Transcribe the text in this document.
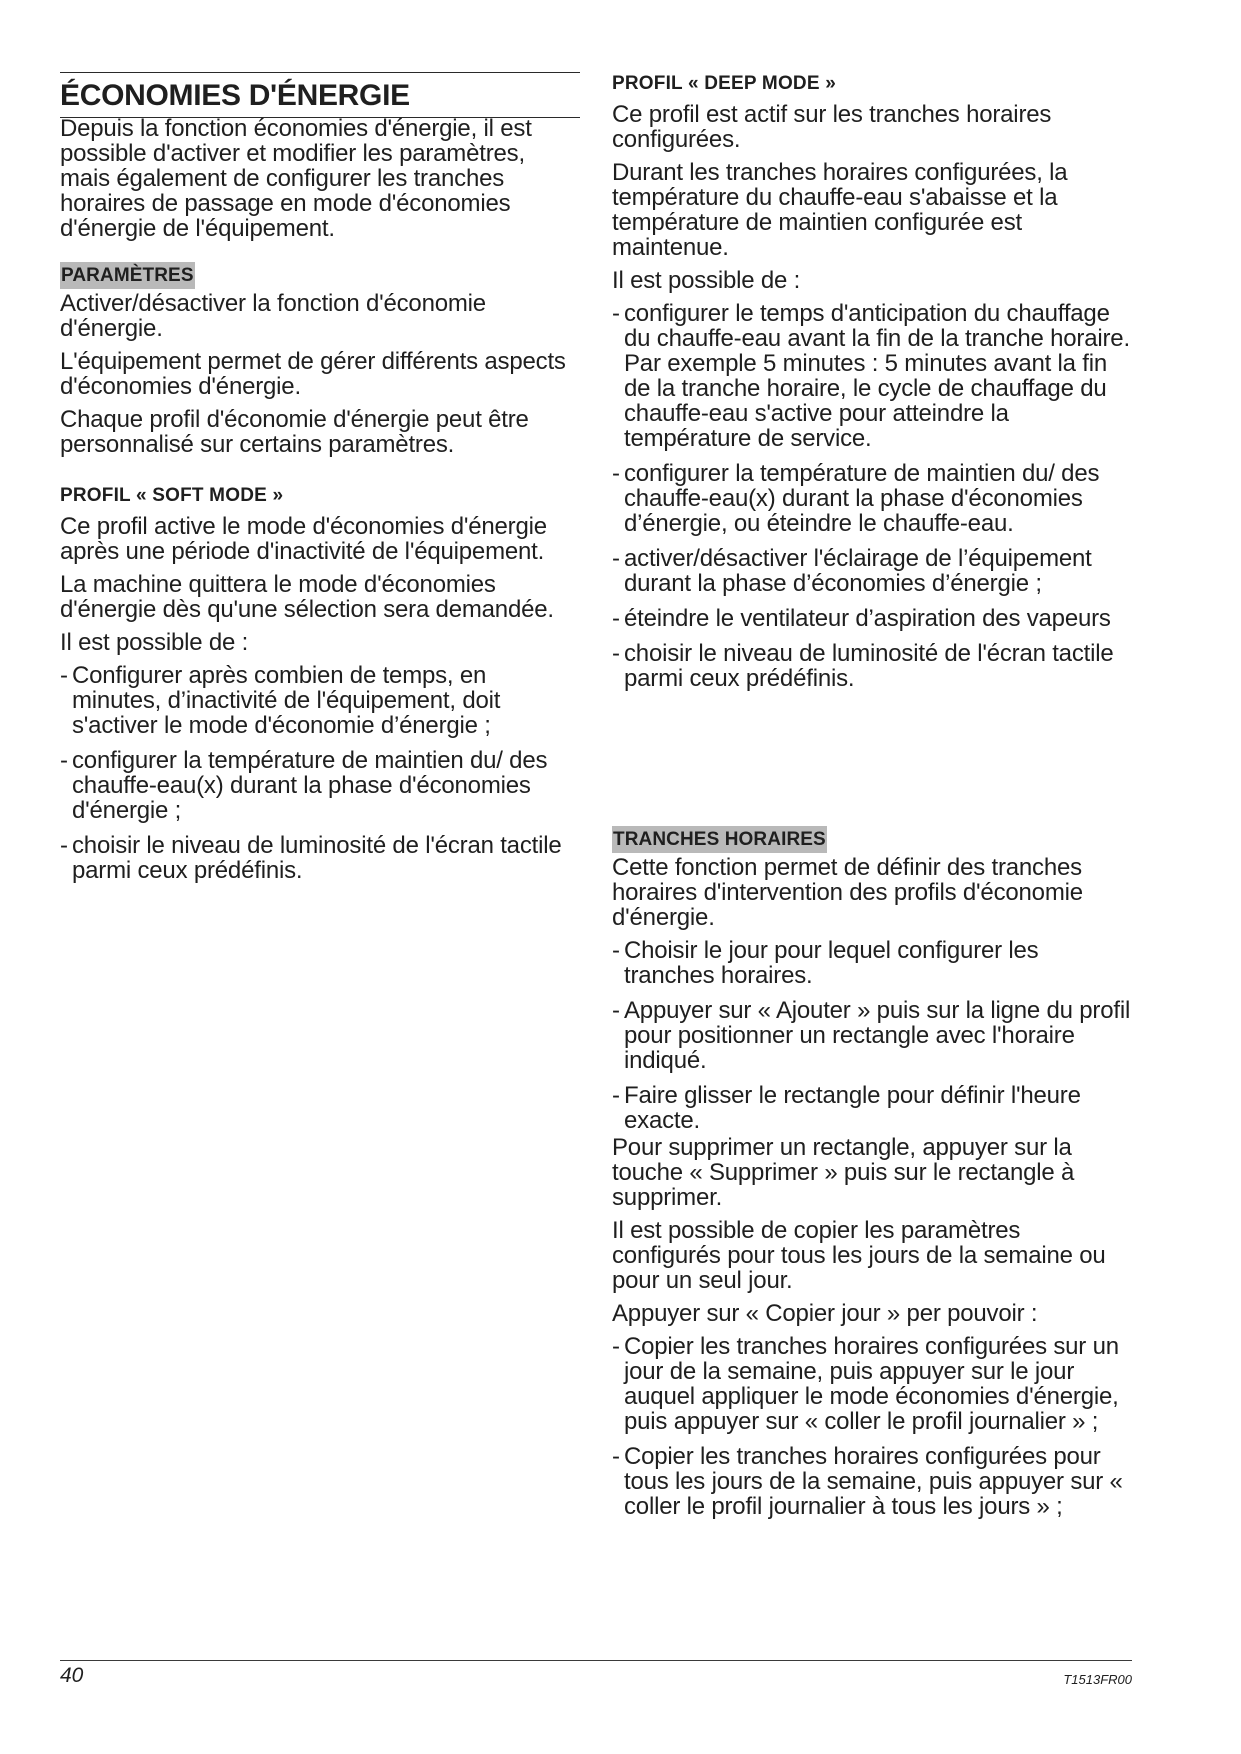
ÉCONOMIES D'ÉNERGIE

Depuis la fonction économies d'énergie, il est possible d'activer et modifier les paramètres, mais également de configurer les tranches horaires de passage en mode d'économies d'énergie de l'équipement.

PARAMÈTRES

Activer/désactiver la fonction d'économie d'énergie.

L'équipement permet de gérer différents aspects d'économies d'énergie.

Chaque profil d'économie d'énergie peut être personnalisé sur certains paramètres.

PROFIL « SOFT MODE »

Ce profil active le mode d'économies d'énergie après une période d'inactivité de l'équipement.

La machine quittera le mode d'économies d'énergie dès qu'une sélection sera demandée.

Il est possible de :

- Configurer après combien de temps, en minutes, d’inactivité de l'équipement, doit s'activer le mode d'économie d’énergie ;
- configurer la température de maintien du/ des chauffe-eau(x) durant la phase d'économies d'énergie ;
- choisir le niveau de luminosité de l'écran tactile parmi ceux prédéfinis.
PROFIL « DEEP MODE »

Ce profil est actif sur les tranches horaires configurées.

Durant les tranches horaires configurées, la température du chauffe-eau s'abaisse et la température de maintien configurée est maintenue.

Il est possible de :

- configurer le temps d'anticipation du chauffage du chauffe-eau avant la fin de la tranche horaire.
Par exemple 5 minutes : 5 minutes avant la fin de la tranche horaire, le cycle de chauffage du chauffe-eau s'active pour atteindre la température de service.
- configurer la température de maintien du/ des chauffe-eau(x) durant la phase d'économies d’énergie, ou éteindre le chauffe-eau.
- activer/désactiver l'éclairage de l’équipement durant la phase d’économies d’énergie ;
- éteindre le ventilateur d’aspiration des vapeurs
- choisir le niveau de luminosité de l'écran tactile parmi ceux prédéfinis.
TRANCHES HORAIRES

Cette fonction permet de définir des tranches horaires d'intervention des profils d'économie d'énergie.

- Choisir le jour pour lequel configurer les tranches horaires.
- Appuyer sur « Ajouter » puis sur la ligne du profil pour positionner un rectangle avec l'horaire indiqué.
- Faire glisser le rectangle pour définir l'heure exacte.

Pour supprimer un rectangle, appuyer sur la touche « Supprimer » puis sur le rectangle à supprimer.

Il est possible de copier les paramètres configurés pour tous les jours de la semaine ou pour un seul jour.

Appuyer sur « Copier jour » per pouvoir :

- Copier les tranches horaires configurées sur un jour de la semaine, puis appuyer sur le jour auquel appliquer le mode économies d'énergie, puis appuyer sur « coller le profil journalier » ;
- Copier les tranches horaires configurées pour tous les jours de la semaine, puis appuyer sur « coller le profil journalier à tous les jours » ;
40	T1513FR00
